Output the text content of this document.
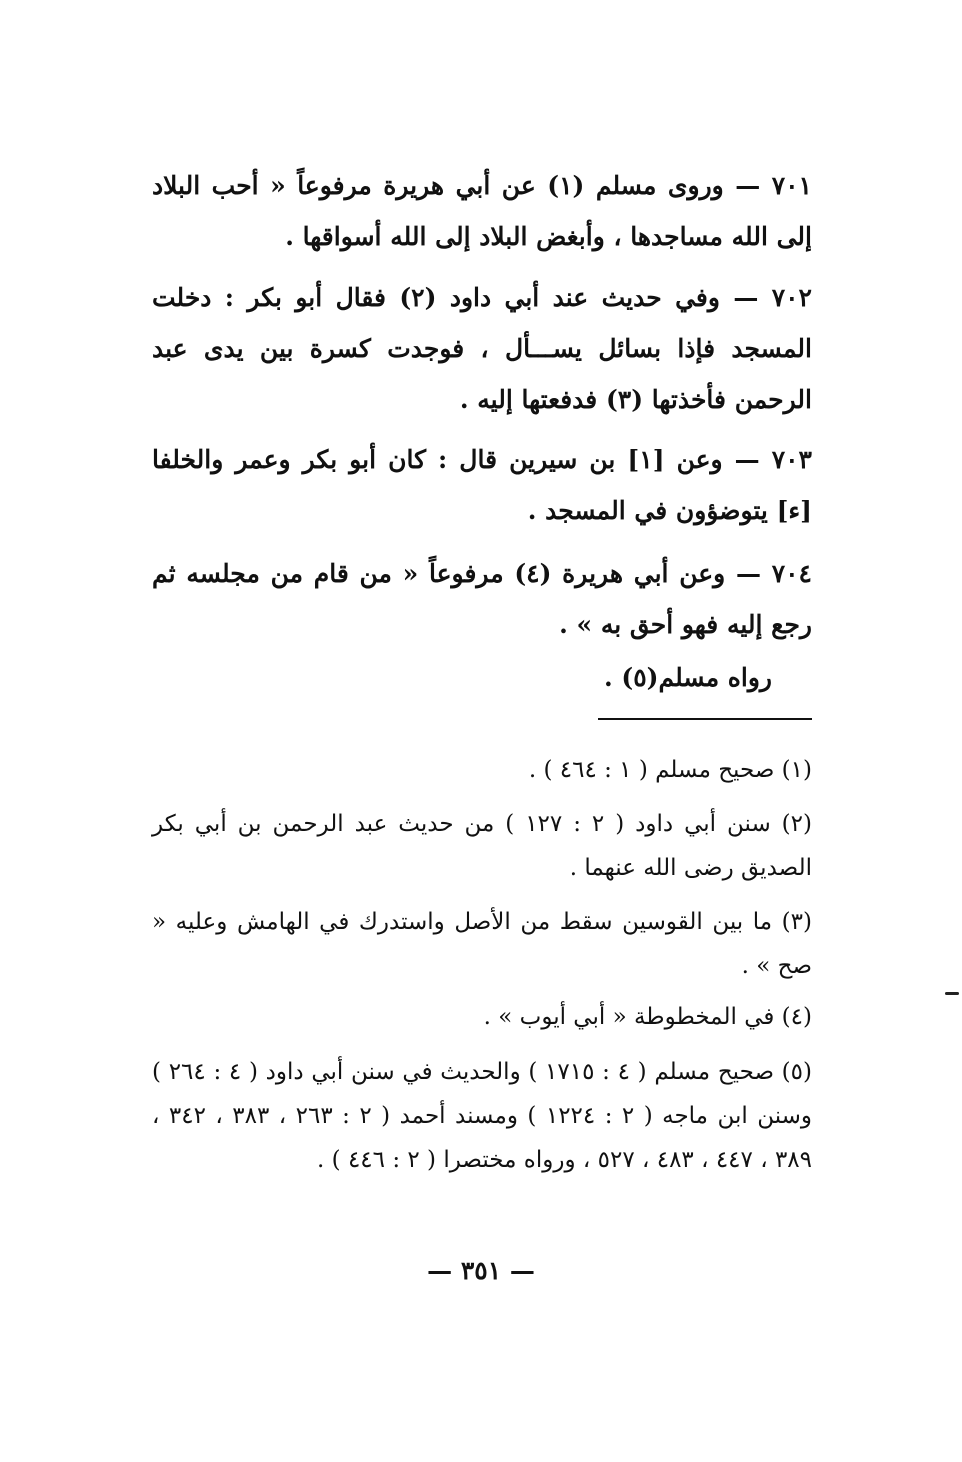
٧٠١ — وروى مسلم (١) عن أبي هريرة مرفوعاً « أحب البلاد إلى الله مساجدها ، وأبغض البلاد إلى الله أسواقها .

٧٠٢ — وفي حديث عند أبي داود (٢) فقال أبو بكر : دخلت المسجد فإذا بسائل يســـأل ، فوجدت كسرة بين يدى عبد الرحمن فأخذتها (٣) فدفعتها إليه .

٧٠٣ — وعن [١] بن سيرين قال : كان أبو بكر وعمر والخلفا [ء] يتوضؤون في المسجد .

٧٠٤ — وعن أبي هريرة (٤) مرفوعاً « من قام من مجلسه ثم رجع إليه فهو أحق به » .

رواه مسلم(٥) .

(١) صحيح مسلم ( ١ : ٤٦٤ ) .

(٢) سنن أبي داود ( ٢ : ١٢٧ ) من حديث عبد الرحمن بن أبي بكر الصديق رضى الله عنهما .

(٣) ما بين القوسين سقط من الأصل واستدرك في الهامش وعليه « صح » .

(٤) في المخطوطة « أبي أيوب » .

(٥) صحيح مسلم ( ٤ : ١٧١٥ ) والحديث في سنن أبي داود ( ٤ : ٢٦٤ ) وسنن ابن ماجه ( ٢ : ١٢٢٤ ) ومسند أحمد ( ٢ : ٢٦٣ ، ٣٨٣ ، ٣٤٢ ، ٣٨٩ ، ٤٤٧ ، ٤٨٣ ، ٥٢٧ ، ورواه مختصرا ( ٢ : ٤٤٦ ) .

— ٣٥١ —
